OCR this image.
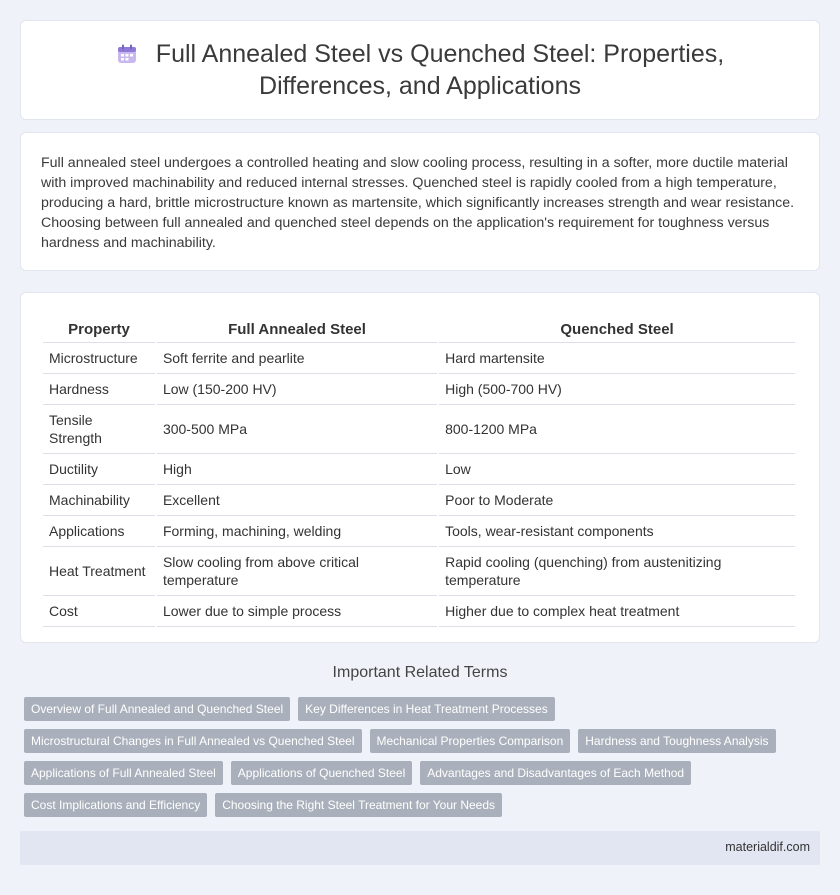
Full Annealed Steel vs Quenched Steel: Properties, Differences, and Applications

Full annealed steel undergoes a controlled heating and slow cooling process, resulting in a softer, more ductile material with improved machinability and reduced internal stresses. Quenched steel is rapidly cooled from a high temperature, producing a hard, brittle microstructure known as martensite, which significantly increases strength and wear resistance. Choosing between full annealed and quenched steel depends on the application's requirement for toughness versus hardness and machinability.

Property	Full Annealed Steel	Quenched Steel
Microstructure	Soft ferrite and pearlite	Hard martensite
Hardness	Low (150-200 HV)	High (500-700 HV)
Tensile Strength	300-500 MPa	800-1200 MPa
Ductility	High	Low
Machinability	Excellent	Poor to Moderate
Applications	Forming, machining, welding	Tools, wear-resistant components
Heat Treatment	Slow cooling from above critical temperature	Rapid cooling (quenching) from austenitizing temperature
Cost	Lower due to simple process	Higher due to complex heat treatment
Important Related Terms
Overview of Full Annealed and Quenched Steel	Key Differences in Heat Treatment Processes
Microstructural Changes in Full Annealed vs Quenched Steel	Mechanical Properties Comparison	Hardness and Toughness Analysis
Applications of Full Annealed Steel	Applications of Quenched Steel	Advantages and Disadvantages of Each Method
Cost Implications and Efficiency	Choosing the Right Steel Treatment for Your Needs
materialdif.com
